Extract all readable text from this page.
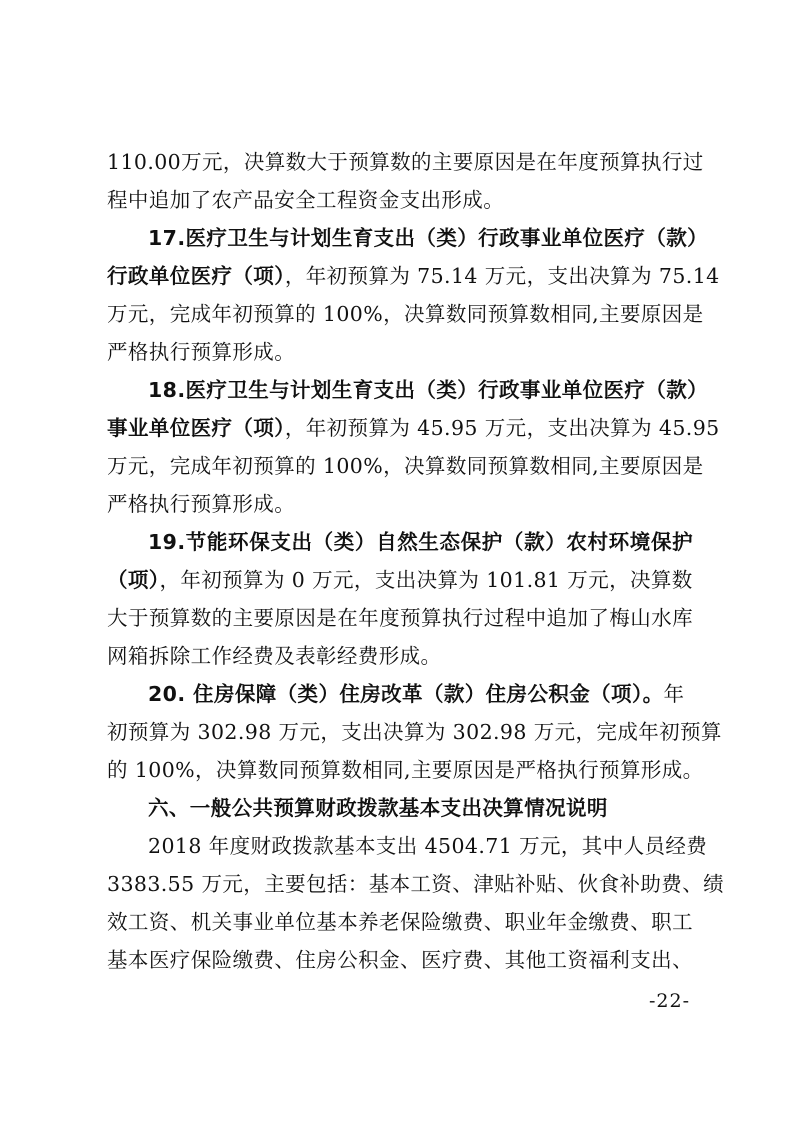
110.00万元，决算数大于预算数的主要原因是在年度预算执行过
程中追加了农产品安全工程资金支出形成。
17.医疗卫生与计划生育支出（类）行政事业单位医疗（款）
行政单位医疗（项），年初预算为 75.14 万元，支出决算为 75.14
万元，完成年初预算的 100%，决算数同预算数相同,主要原因是
严格执行预算形成。
18.医疗卫生与计划生育支出（类）行政事业单位医疗（款）
事业单位医疗（项），年初预算为 45.95 万元，支出决算为 45.95
万元，完成年初预算的 100%，决算数同预算数相同,主要原因是
严格执行预算形成。
19.节能环保支出（类）自然生态保护（款）农村环境保护
（项），年初预算为 0 万元，支出决算为 101.81 万元，决算数
大于预算数的主要原因是在年度预算执行过程中追加了梅山水库
网箱拆除工作经费及表彰经费形成。
20. 住房保障（类）住房改革（款）住房公积金（项）。年
初预算为 302.98 万元，支出决算为 302.98 万元，完成年初预算
的 100%，决算数同预算数相同,主要原因是严格执行预算形成。
六、一般公共预算财政拨款基本支出决算情况说明
2018 年度财政拨款基本支出 4504.71 万元，其中人员经费
3383.55 万元，主要包括：基本工资、津贴补贴、伙食补助费、绩
效工资、机关事业单位基本养老保险缴费、职业年金缴费、职工
基本医疗保险缴费、住房公积金、医疗费、其他工资福利支出、
-22-
